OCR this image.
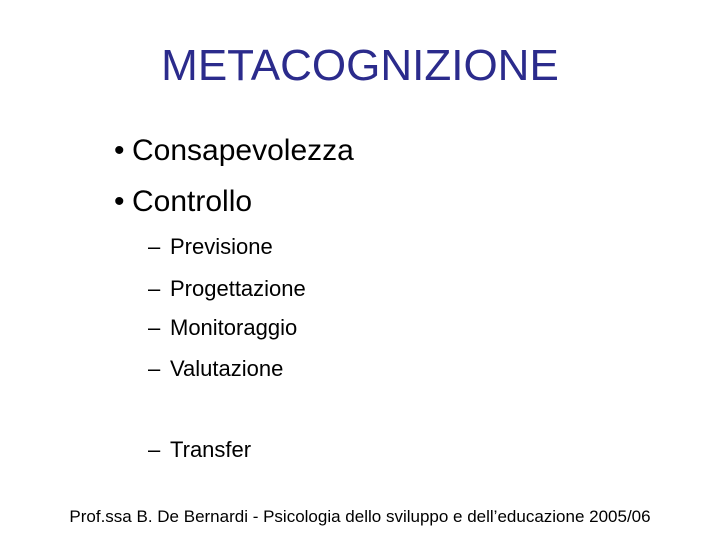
METACOGNIZIONE
• Consapevolezza
• Controllo
– Previsione
– Progettazione
– Monitoraggio
– Valutazione
– Transfer
Prof.ssa B. De Bernardi - Psicologia dello sviluppo e dell’educazione 2005/06
